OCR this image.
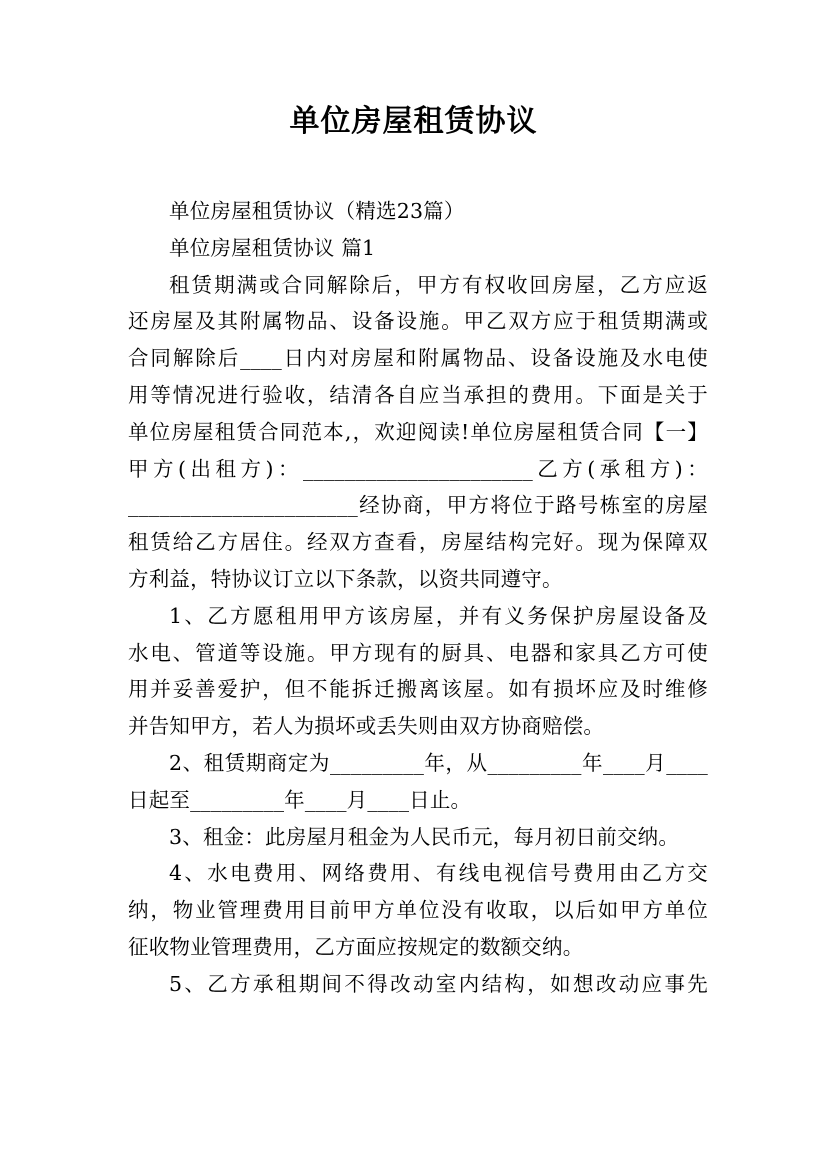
单位房屋租赁协议
单位房屋租赁协议（精选23篇）
单位房屋租赁协议 篇1
租赁期满或合同解除后，甲方有权收回房屋，乙方应返
还房屋及其附属物品、设备设施。甲乙双方应于租赁期满或
合同解除后____日内对房屋和附属物品、设备设施及水电使
用等情况进行验收，结清各自应当承担的费用。下面是关于
单位房屋租赁合同范本,，欢迎阅读!单位房屋租赁合同【一】
甲方(出租方)：______________________乙方(承租方)：
______________________经协商，甲方将位于路号栋室的房屋
租赁给乙方居住。经双方查看，房屋结构完好。现为保障双
方利益，特协议订立以下条款，以资共同遵守。
1、乙方愿租用甲方该房屋，并有义务保护房屋设备及
水电、管道等设施。甲方现有的厨具、电器和家具乙方可使
用并妥善爱护，但不能拆迁搬离该屋。如有损坏应及时维修
并告知甲方，若人为损坏或丢失则由双方协商赔偿。
2、租赁期商定为_________年，从_________年____月____
日起至_________年____月____日止。
3、租金：此房屋月租金为人民币元，每月初日前交纳。
4、水电费用、网络费用、有线电视信号费用由乙方交
纳，物业管理费用目前甲方单位没有收取，以后如甲方单位
征收物业管理费用，乙方面应按规定的数额交纳。
5、乙方承租期间不得改动室内结构，如想改动应事先
